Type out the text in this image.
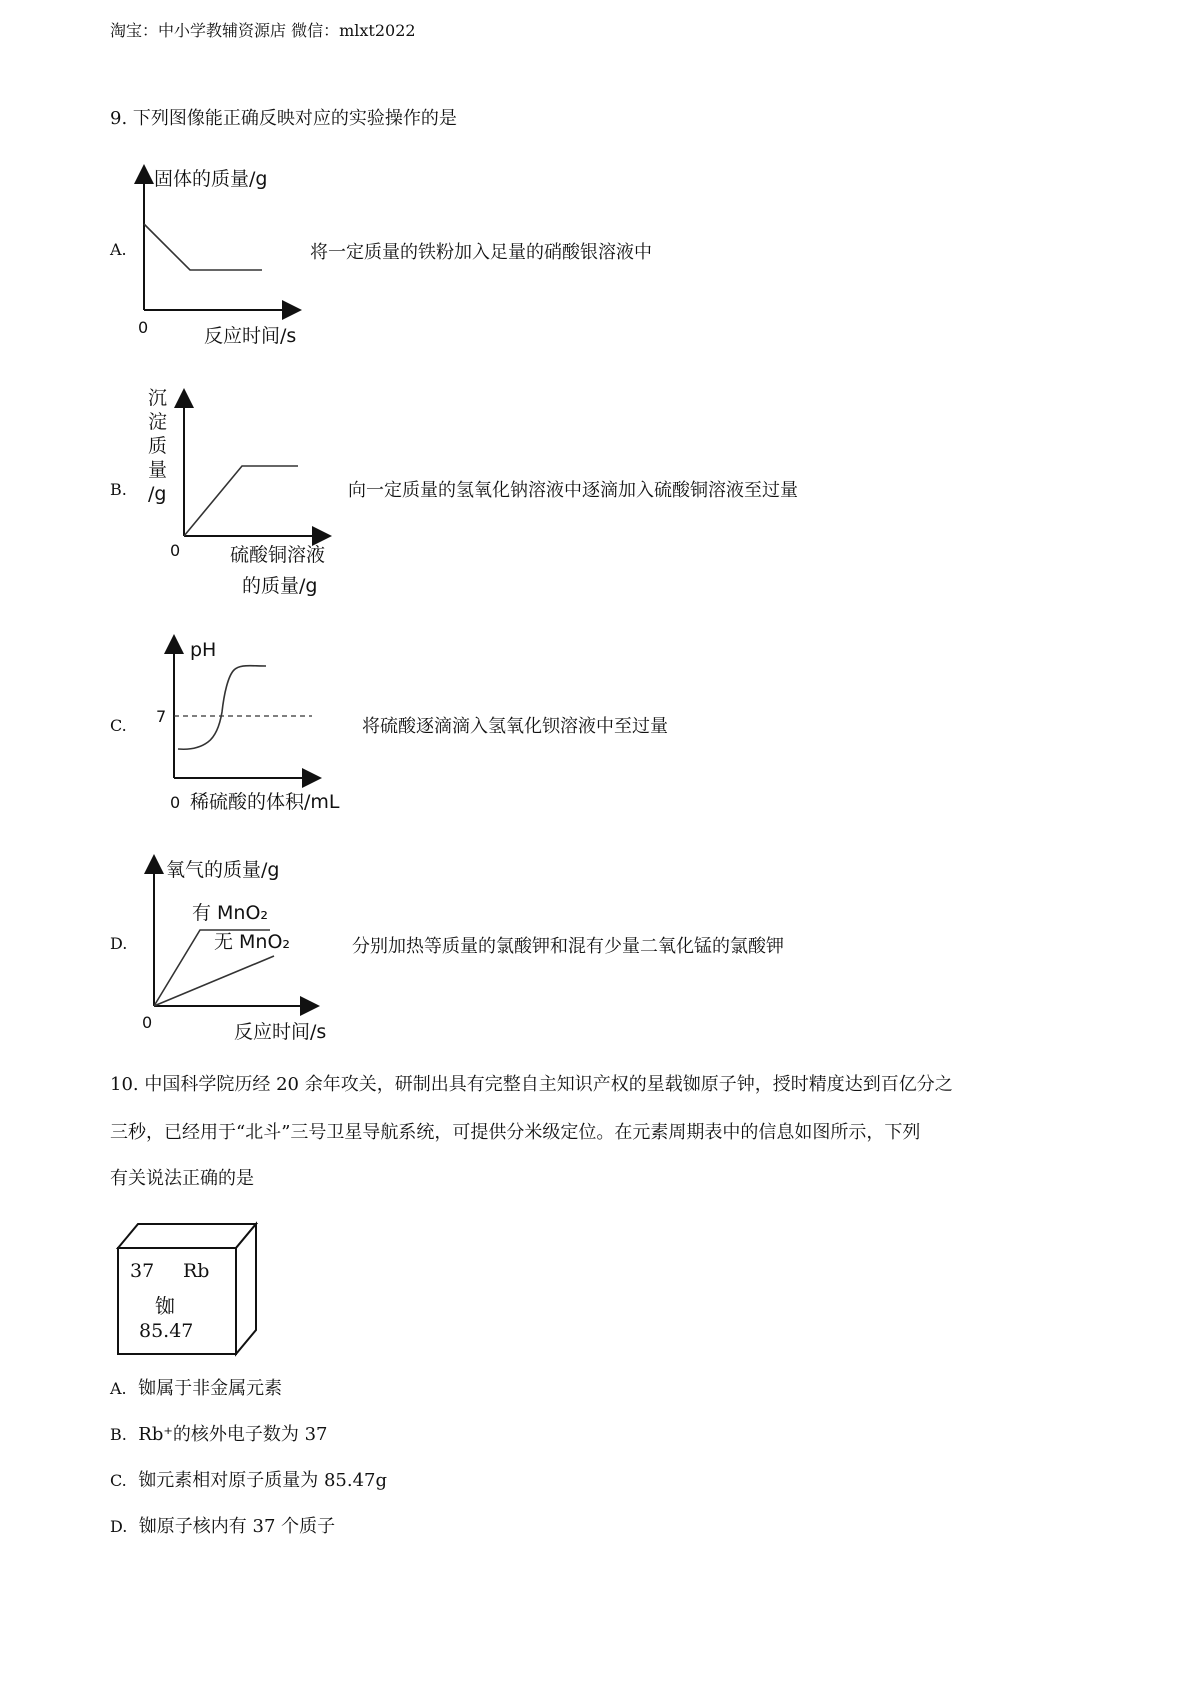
淘宝：中小学教辅资源店 微信：mlxt2022
9. 下列图像能正确反映对应的实验操作的是
A.
固体的质量/g
0	反应时间/s
将一定质量的铁粉加入足量的硝酸银溶液中
B.
沉
淀
质
量
/g
0	硫酸铜溶液
的质量/g
向一定质量的氢氧化钠溶液中逐滴加入硫酸铜溶液至过量
C.
pH
7
0 稀硫酸的体积/mL
将硫酸逐滴滴入氢氧化钡溶液中至过量
D.
氧气的质量/g
有 MnO₂
无 MnO₂
0	反应时间/s
分别加热等质量的氯酸钾和混有少量二氧化锰的氯酸钾
10. 中国科学院历经 20 余年攻关，研制出具有完整自主知识产权的星载铷原子钟，授时精度达到百亿分之
三秒，已经用于“北斗”三号卫星导航系统，可提供分米级定位。在元素周期表中的信息如图所示，下列
有关说法正确的是
37 Rb
铷
85.47
A. 铷属于非金属元素
B. Rb⁺的核外电子数为 37
C. 铷元素相对原子质量为 85.47g
D. 铷原子核内有 37 个质子
